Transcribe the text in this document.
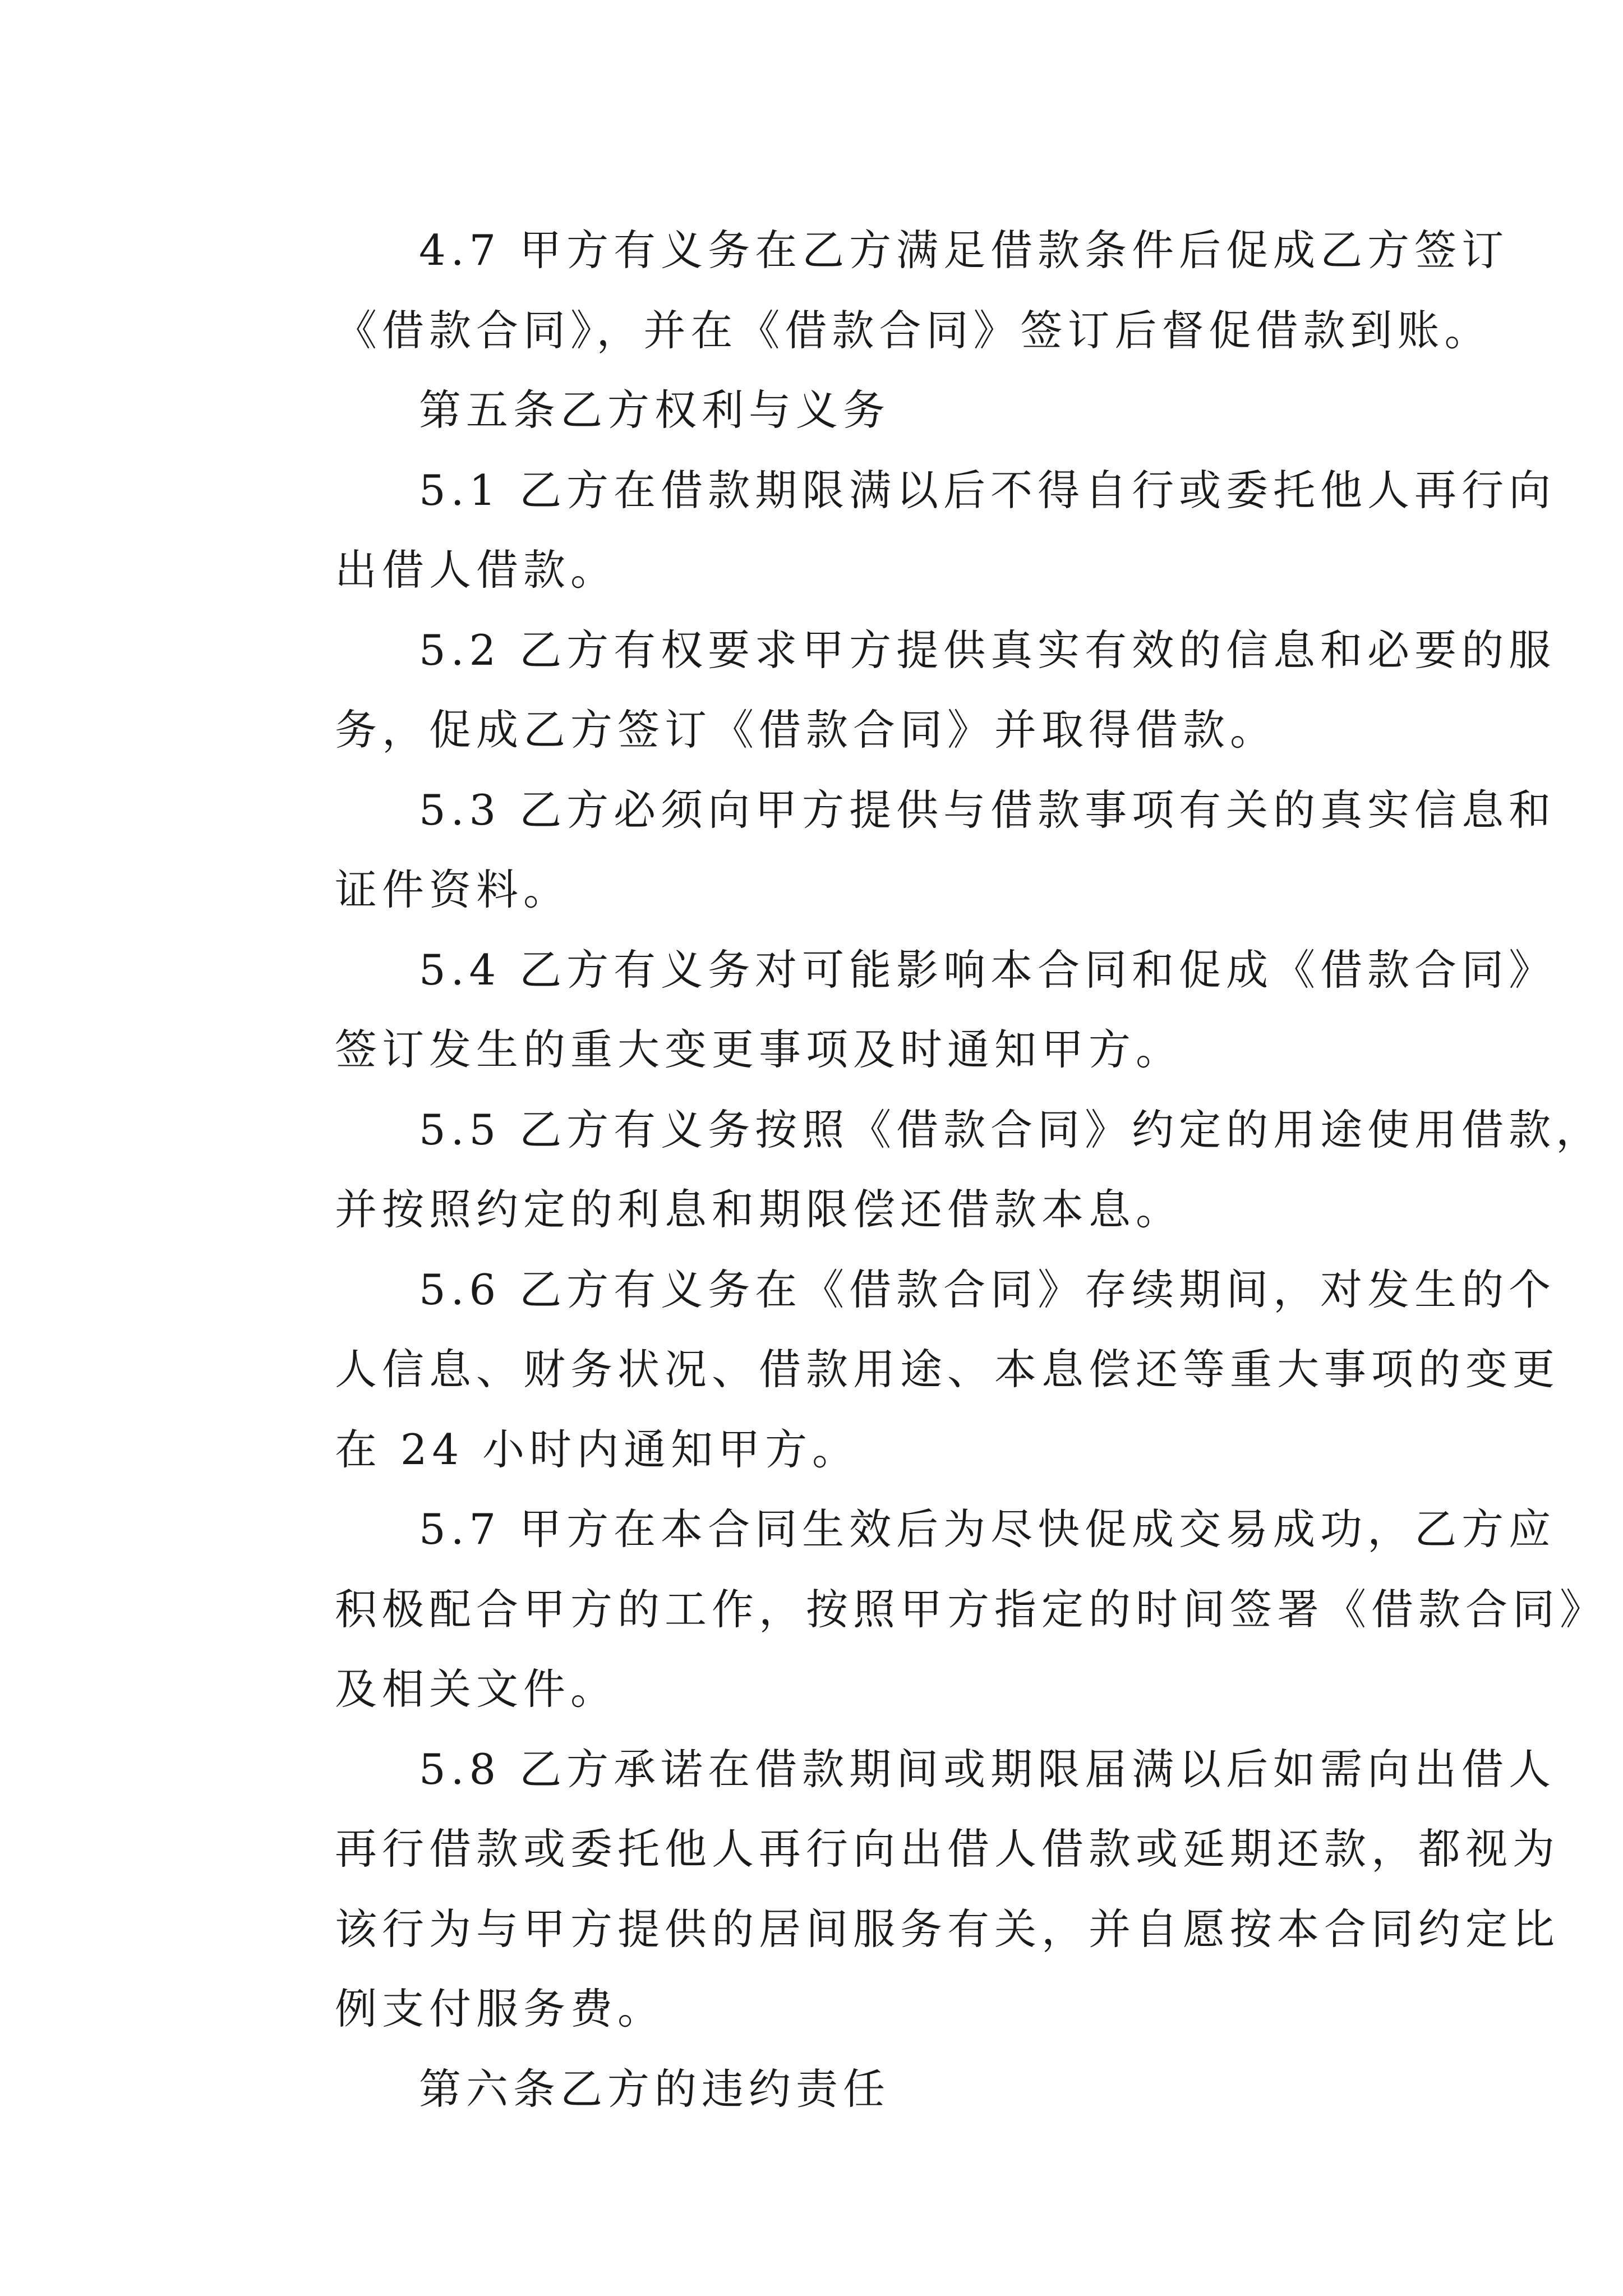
4.7 甲方有义务在乙方满足借款条件后促成乙方签订
《借款合同》，并在《借款合同》签订后督促借款到账。

第五条乙方权利与义务

5.1 乙方在借款期限满以后不得自行或委托他人再行向
出借人借款。

5.2 乙方有权要求甲方提供真实有效的信息和必要的服
务，促成乙方签订《借款合同》并取得借款。

5.3 乙方必须向甲方提供与借款事项有关的真实信息和
证件资料。

5.4 乙方有义务对可能影响本合同和促成《借款合同》
签订发生的重大变更事项及时通知甲方。

5.5 乙方有义务按照《借款合同》约定的用途使用借款，
并按照约定的利息和期限偿还借款本息。

5.6 乙方有义务在《借款合同》存续期间，对发生的个
人信息、财务状况、借款用途、本息偿还等重大事项的变更
在 24 小时内通知甲方。

5.7 甲方在本合同生效后为尽快促成交易成功，乙方应
积极配合甲方的工作，按照甲方指定的时间签署《借款合同》
及相关文件。

5.8 乙方承诺在借款期间或期限届满以后如需向出借人
再行借款或委托他人再行向出借人借款或延期还款，都视为
该行为与甲方提供的居间服务有关，并自愿按本合同约定比
例支付服务费。

第六条乙方的违约责任
